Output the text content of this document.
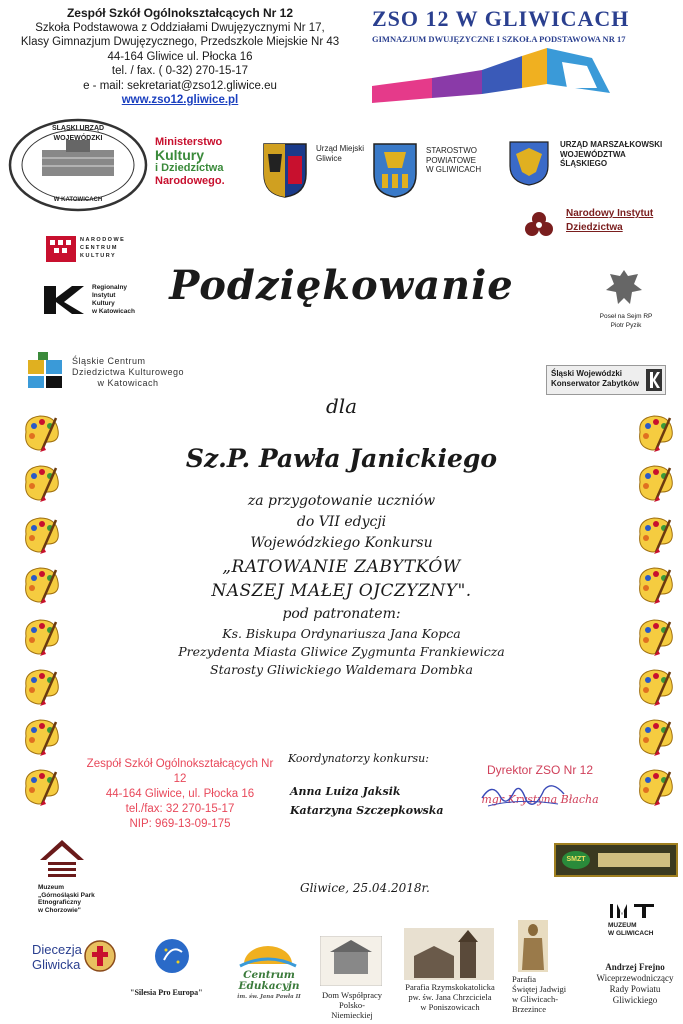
Zespół Szkół Ogólnokształcących Nr 12
Szkoła Podstawowa z Oddziałami Dwujęzycznymi Nr 17,
Klasy Gimnazjum Dwujęzycznego, Przedszkole Miejskie Nr 43
44-164 Gliwice ul. Płocka 16
tel. / fax. ( 0-32) 270-15-17
e - mail: sekretariat@zso12.gliwice.eu
www.zso12.gliwice.pl
ZSO 12 W GLIWICACH
GIMNAZJUM DWUJĘZYCZNE I SZKOŁA PODSTAWOWA NR 17
ŚLĄSKI URZĄD WOJEWÓDZKI
W KATOWICACH
Ministerstwo
Kultury
i Dziedzictwa
Narodowego.
Urząd Miejski
Gliwice
STAROSTWO
POWIATOWE
W GLIWICACH
URZĄD MARSZAŁKOWSKI
WOJEWÓDZTWA
ŚLĄSKIEGO
Narodowy Instytut
Dziedzictwa
NARODOWE
CENTRUM
KULTURY
Regionalny
Instytut
Kultury
w Katowicach
Poseł na Sejm RP
Piotr Pyzik
Podziękowanie
Śląskie Centrum
Dziedzictwa Kulturowego
w Katowicach
Śląski Wojewódzki
Konserwator Zabytków
dla
Sz.P. Pawła Janickiego
za przygotowanie uczniów
do VII edycji
Wojewódzkiego Konkursu
„RATOWANIE ZABYTKÓW
NASZEJ MAŁEJ OJCZYZNY".
pod patronatem:
Ks. Biskupa Ordynariusza Jana Kopca
Prezydenta Miasta Gliwice Zygmunta Frankiewicza
Starosty Gliwickiego Waldemara Dombka
Zespół Szkół Ogólnokształcących Nr 12
44-164 Gliwice, ul. Płocka 16
tel./fax: 32 270-15-17
NIP: 969-13-09-175
Koordynatorzy konkursu:
Anna Luiza Jaksik
Katarzyna Szczepkowska
Dyrektor ZSO Nr 12
mgr Krystyna Błacha
Gliwice, 25.04.2018r.
Muzeum
„Górnośląski Park
Etnograficzny
w Chorzowie"
SMZT
MUZEUM
W GLIWICACH
Diecezja
Gliwicka
"Silesia Pro Europa"
Centrum Edukacyjn
im. św. Jana Pawła II	Dom Współpracy
Polsko-
Niemieckiej
Parafia Rzymskokatolicka
pw. św. Jana Chrzciciela
w Poniszowicach
Parafia
Świętej Jadwigi
w Gliwicach-
Brzezince
Andrzej Frejno
Wiceprzewodniczący
Rady Powiatu
Gliwickiego
